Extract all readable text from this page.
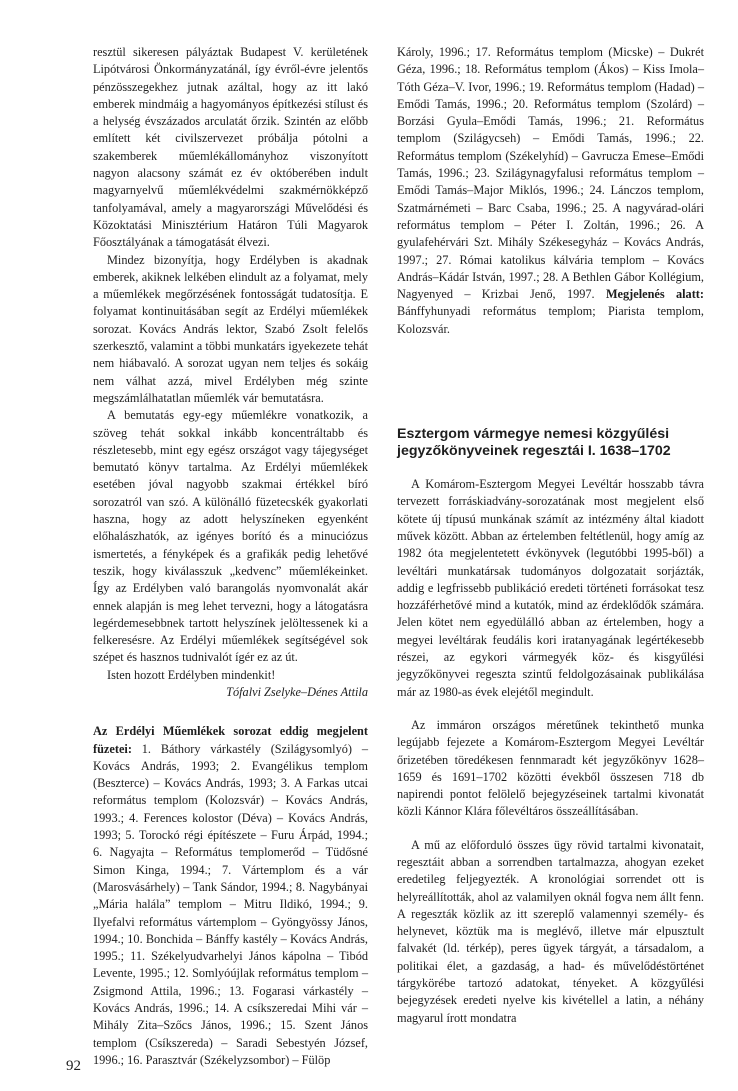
resztül sikeresen pályáztak Budapest V. kerületének Lipótvárosi Önkormányzatánál, így évről-évre jelentős pénzösszegekhez jutnak azáltal, hogy az itt lakó emberek mindmáig a hagyományos építkezési stílust és a helység évszázados arculatát őrzik. Szintén az előbb említett két civilszervezet próbálja pótolni a szakemberek műemlékállományhoz viszonyított nagyon alacsony számát ez év októberében indult magyarnyelvű műemlékvédelmi szakmérnökképző tanfolyamával, amely a magyarországi Művelődési és Közoktatási Minisztérium Határon Túli Magyarok Főosztályának a támogatását élvezi.

Mindez bizonyítja, hogy Erdélyben is akadnak emberek, akiknek lelkében elindult az a folyamat, mely a műemlékek megőrzésének fontosságát tudatosítja. E folyamat kontinuitásában segít az Erdélyi műemlékek sorozat. Kovács András lektor, Szabó Zsolt felelős szerkesztő, valamint a többi munkatárs igyekezete tehát nem hiábavaló. A sorozat ugyan nem teljes és sokáig nem válhat azzá, mivel Erdélyben még szinte megszámlálhatatlan műemlék vár bemutatásra.

A bemutatás egy-egy műemlékre vonatkozik, a szöveg tehát sokkal inkább koncentráltabb és részletesebb, mint egy egész országot vagy tájegységet bemutató könyv tartalma. Az Erdélyi műemlékek esetében jóval nagyobb szakmai értékkel bíró sorozatról van szó. A különálló füzetecskék gyakorlati haszna, hogy az adott helyszíneken egyenként előhalászhatók, az igényes borító és a minuciózus ismertetés, a fényképek és a grafikák pedig lehetővé teszik, hogy kiválasszuk „kedvenc” műemlékeinket. Így az Erdélyben való barangolás nyomvonalát akár ennek alapján is meg lehet tervezni, hogy a látogatásra legérdemesebbnek tartott helyszínek jelöltessenek ki a felkeresésre. Az Erdélyi műemlékek segítségével sok szépet és hasznos tudnivalót ígér ez az út.

Isten hozott Erdélyben mindenkit!

Tófalvi Zselyke–Dénes Attila

Az Erdélyi Műemlékek sorozat eddig megjelent füzetei: 1. Báthory várkastély (Szilágysomlyó) – Kovács András, 1993; 2. Evangélikus templom (Beszterce) – Kovács András, 1993; 3. A Farkas utcai református templom (Kolozsvár) – Kovács András, 1993.; 4. Ferences kolostor (Déva) – Kovács András, 1993; 5. Torockó régi építészete – Furu Árpád, 1994.; 6. Nagyajta – Református templomerőd – Tüdősné Simon Kinga, 1994.; 7. Vártemplom és a vár (Marosvásárhely) – Tank Sándor, 1994.; 8. Nagybányai „Mária halála” templom – Mitru Ildikó, 1994.; 9. Ilyefalvi református vártemplom – Gyöngyössy János, 1994.; 10. Bonchida – Bánffy kastély – Kovács András, 1995.; 11. Székelyudvarhelyi János kápolna – Tibód Levente, 1995.; 12. Somlyóújlak református templom – Zsigmond Attila, 1996.; 13. Fogarasi várkastély – Kovács András, 1996.; 14. A csíkszeredai Mihi vár – Mihály Zita–Szőcs János, 1996.; 15. Szent János templom (Csíkszereda) – Saradi Sebestyén József, 1996.; 16. Parasztvár (Székelyzsombor) – Fülöp

Károly, 1996.; 17. Református templom (Micske) – Dukrét Géza, 1996.; 18. Református templom (Ákos) – Kiss Imola–Tóth Géza–V. Ivor, 1996.; 19. Református templom (Hadad) – Emődi Tamás, 1996.; 20. Református templom (Szolárd) – Borzási Gyula–Emődi Tamás, 1996.; 21. Református templom (Szilágycseh) – Emődi Tamás, 1996.; 22. Református templom (Székelyhíd) – Gavrucza Emese–Emődi Tamás, 1996.; 23. Szilágynagyfalusi református templom – Emődi Tamás–Major Miklós, 1996.; 24. Lánczos templom, Szatmárnémeti – Barc Csaba, 1996.; 25. A nagyvárad-olári református templom – Péter I. Zoltán, 1996.; 26. A gyulafehérvári Szt. Mihály Székesegyház – Kovács András, 1997.; 27. Római katolikus kálvária templom – Kovács András–Kádár István, 1997.; 28. A Bethlen Gábor Kollégium, Nagyenyed – Krizbai Jenő, 1997. Megjelenés alatt: Bánffyhunyadi református templom; Piarista templom, Kolozsvár.

Esztergom vármegye nemesi közgyűlési jegyzőkönyveinek regesztái I. 1638–1702

A Komárom-Esztergom Megyei Levéltár hosszabb távra tervezett forráskiadvány-sorozatának most megjelent első kötete új típusú munkának számít az intézmény által kiadott művek között. Abban az értelemben feltétlenül, hogy amíg az 1982 óta megjelentetett évkönyvek (legutóbbi 1995-ből) a levéltári munkatársak tudományos dolgozatait sorjázták, addig e legfrissebb publikáció eredeti történeti forrásokat tesz hozzáférhetővé mind a kutatók, mind az érdeklődők számára. Jelen kötet nem egyedülálló abban az értelemben, hogy a megyei levéltárak feudális kori iratanyagának legértékesebb részei, az egykori vármegyék köz- és kisgyűlési jegyzőkönyvei regeszta szintű feldolgozásainak publikálása már az 1980-as évek elejétől megindult.

Az immáron országos méretűnek tekinthető munka legújabb fejezete a Komárom-Esztergom Megyei Levéltár őrizetében töredékesen fennmaradt két jegyzőkönyv 1628–1659 és 1691–1702 közötti évekből összesen 718 db napirendi pontot felölelő bejegyzéseinek tartalmi kivonatát közli Kánnor Klára főlevéltáros összeállításában.

A mű az előforduló összes ügy rövid tartalmi kivonatait, regesztáit abban a sorrendben tartalmazza, ahogyan ezeket eredetileg feljegyezték. A kronológiai sorrendet ott is helyreállították, ahol az valamilyen oknál fogva nem állt fenn. A regeszták közlik az itt szereplő valamennyi személy- és helynevet, köztük ma is meglévő, illetve már elpusztult falvakét (ld. térkép), peres ügyek tárgyát, a társadalom, a politikai élet, a gazdaság, a had- és művelődéstörténet tárgykörébe tartozó adatokat, tényeket. A közgyűlési bejegyzések eredeti nyelve kis kivétellel a latin, a néhány magyarul írott mondatra

92
